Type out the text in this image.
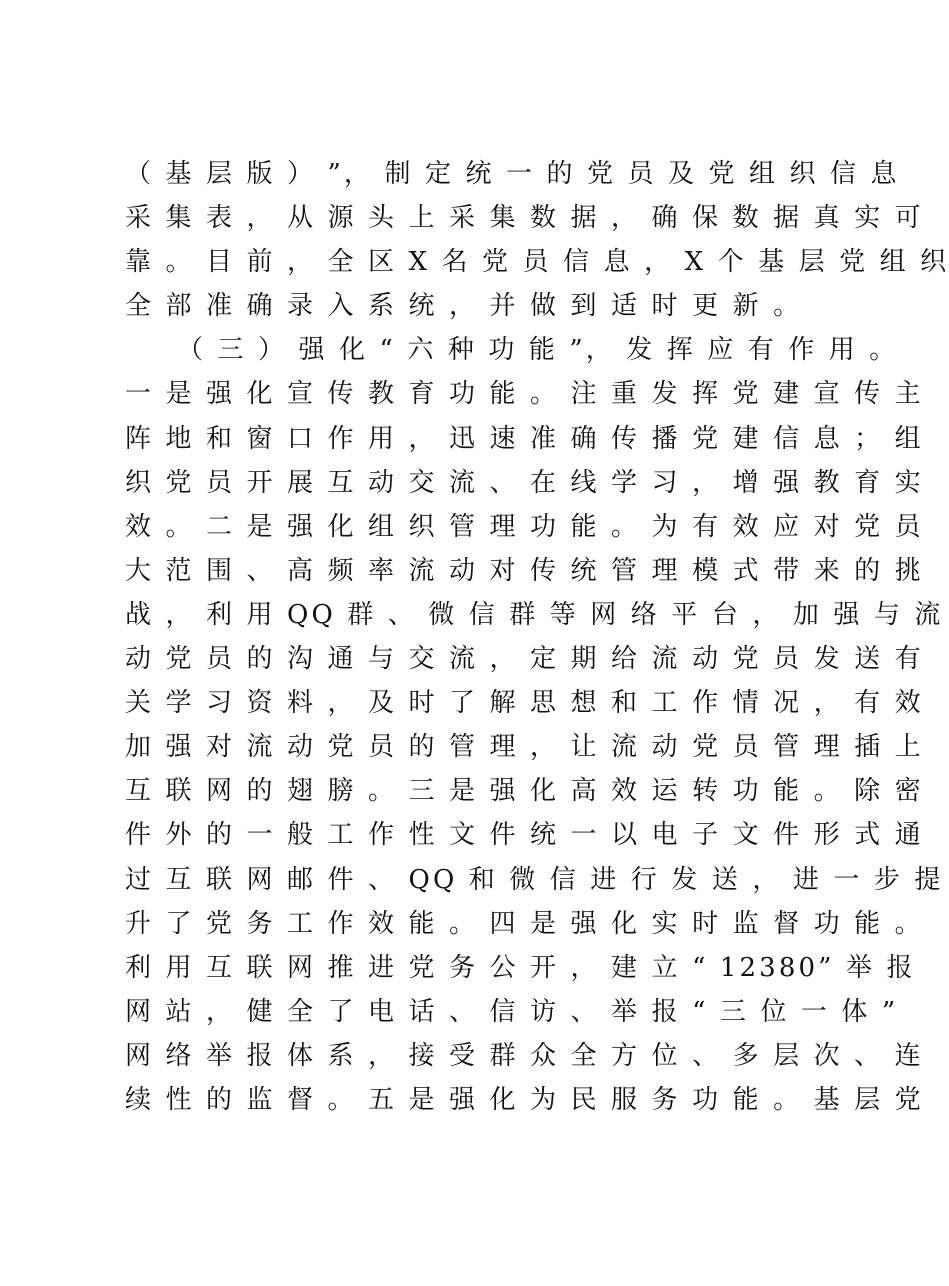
（ 基 层 版 ） ”， 制 定 统 一 的 党 员 及 党 组 织 信 息
采 集 表 ， 从 源 头 上 采 集 数 据 ， 确 保 数 据 真 实 可
靠 。 目 前 ， 全 区 X 名 党 员 信 息 ， X 个 基 层 党 组 织
全 部 准 确 录 入 系 统 ， 并 做 到 适 时 更 新 。
（ 三 ） 强 化 “ 六 种 功 能 ”， 发 挥 应 有 作 用 。
一 是 强 化 宣 传 教 育 功 能 。 注 重 发 挥 党 建 宣 传 主
阵 地 和 窗 口 作 用 ， 迅 速 准 确 传 播 党 建 信 息 ； 组
织 党 员 开 展 互 动 交 流 、 在 线 学 习 ， 增 强 教 育 实
效 。 二 是 强 化 组 织 管 理 功 能 。 为 有 效 应 对 党 员
大 范 围 、 高 频 率 流 动 对 传 统 管 理 模 式 带 来 的 挑
战 ， 利 用 QQ 群 、 微 信 群 等 网 络 平 台 ， 加 强 与 流
动 党 员 的 沟 通 与 交 流 ， 定 期 给 流 动 党 员 发 送 有
关 学 习 资 料 ， 及 时 了 解 思 想 和 工 作 情 况 ， 有 效
加 强 对 流 动 党 员 的 管 理 ， 让 流 动 党 员 管 理 插 上
互 联 网 的 翅 膀 。 三 是 强 化 高 效 运 转 功 能 。 除 密
件 外 的 一 般 工 作 性 文 件 统 一 以 电 子 文 件 形 式 通
过 互 联 网 邮 件 、 QQ 和 微 信 进 行 发 送 ， 进 一 步 提
升 了 党 务 工 作 效 能 。 四 是 强 化 实 时 监 督 功 能 。
利 用 互 联 网 推 进 党 务 公 开 ， 建 立 “ 12380” 举 报
网 站 ， 健 全 了 电 话 、 信 访 、 举 报 “ 三 位 一 体 ”
网 络 举 报 体 系 ， 接 受 群 众 全 方 位 、 多 层 次 、 连
续 性 的 监 督 。 五 是 强 化 为 民 服 务 功 能 。 基 层 党
